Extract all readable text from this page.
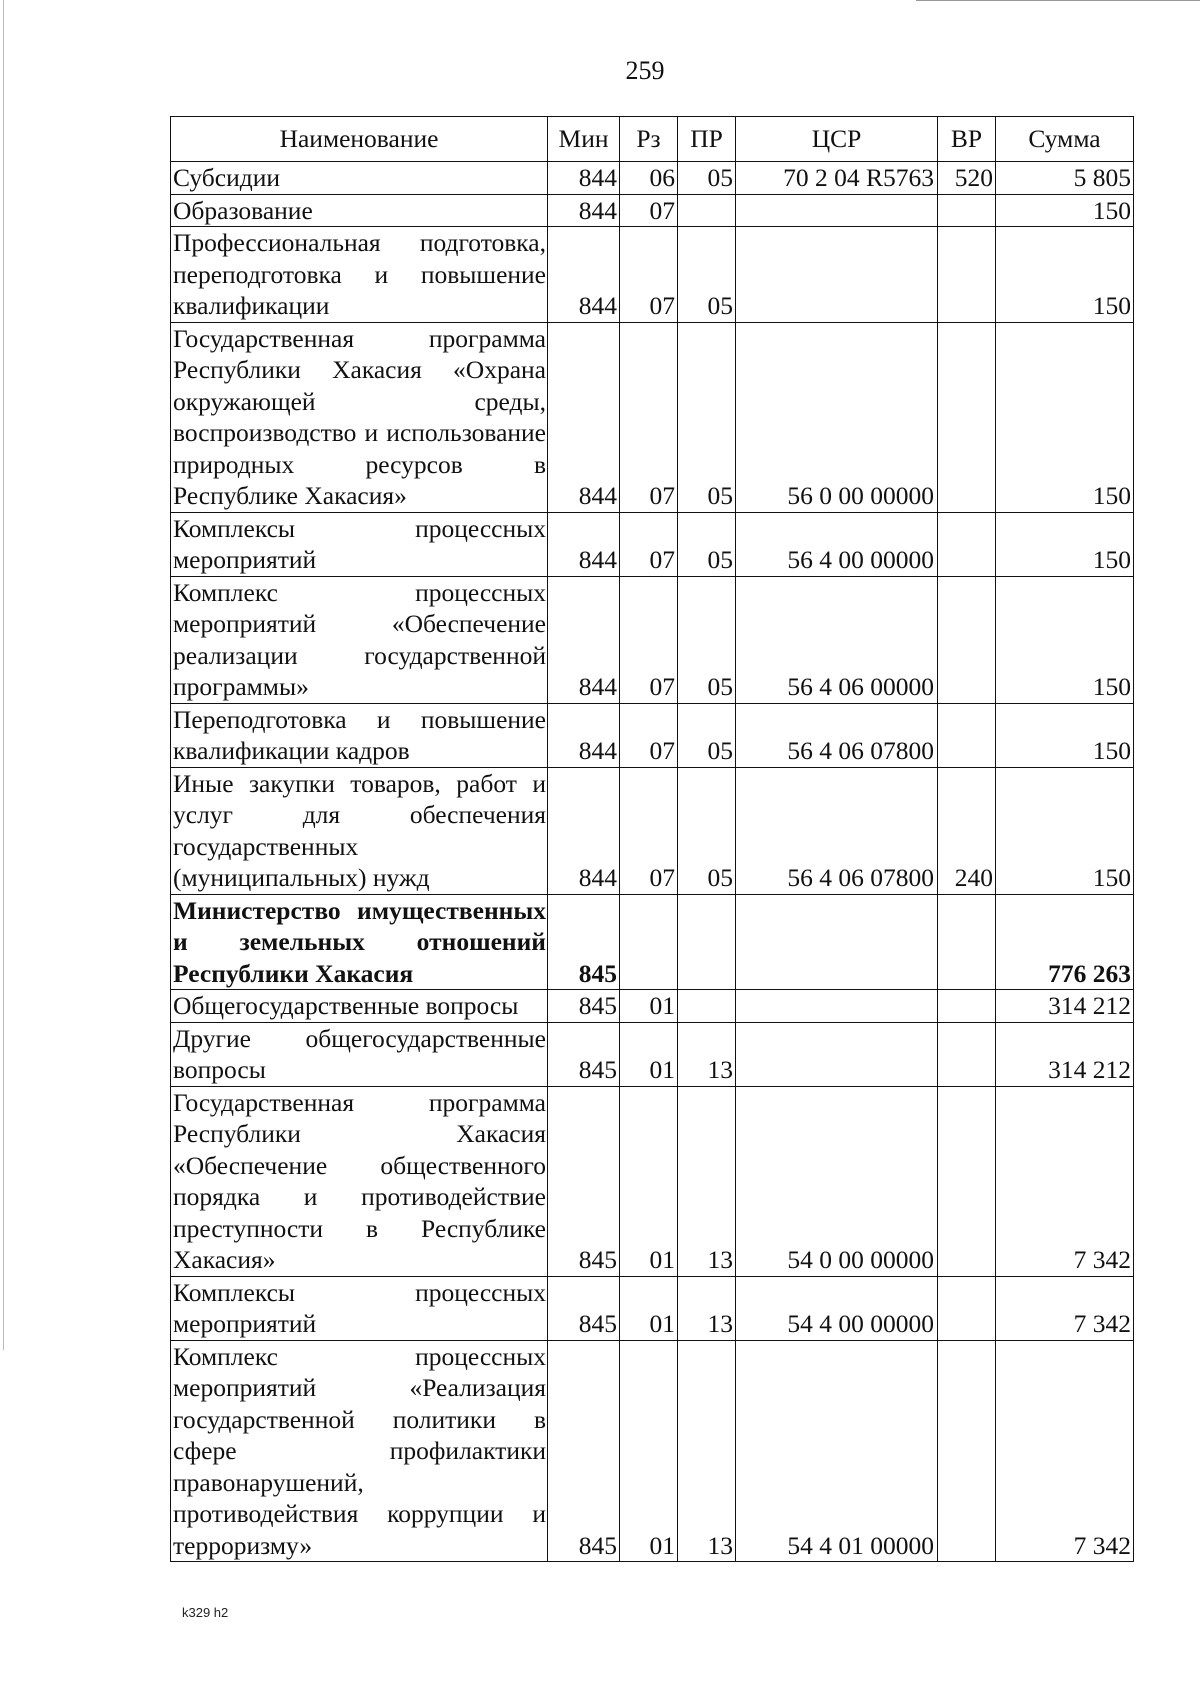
259
Наименование	Мин	Рз	ПР	ЦСР	ВР	Сумма
Субсидии	844	06	05	70 2 04 R5763	520	5 805
Образование	844	07				150
Профессиональная подготовка, переподготовка и повышение квалификации	844	07	05			150
Государственная программа Республики Хакасия «Охрана окружающей среды, воспроизводство и использование природных ресурсов в Республике Хакасия»	844	07	05	56 0 00 00000		150
Комплексы процессных мероприятий	844	07	05	56 4 00 00000		150
Комплекс процессных мероприятий «Обеспечение реализации государственной программы»	844	07	05	56 4 06 00000		150
Переподготовка и повышение квалификации кадров	844	07	05	56 4 06 07800		150
Иные закупки товаров, работ и услуг для обеспечения государственных (муниципальных) нужд	844	07	05	56 4 06 07800	240	150
Министерство имущественных и земельных отношений Республики Хакасия	845					776 263
Общегосударственные вопросы	845	01				314 212
Другие общегосударственные вопросы	845	01	13			314 212
Государственная программа Республики Хакасия «Обеспечение общественного порядка и противодействие преступности в Республике Хакасия»	845	01	13	54 0 00 00000		7 342
Комплексы процессных мероприятий	845	01	13	54 4 00 00000		7 342
Комплекс процессных мероприятий «Реализация государственной политики в сфере профилактики правонарушений, противодействия коррупции и терроризму»	845	01	13	54 4 01 00000		7 342
k329 h2
